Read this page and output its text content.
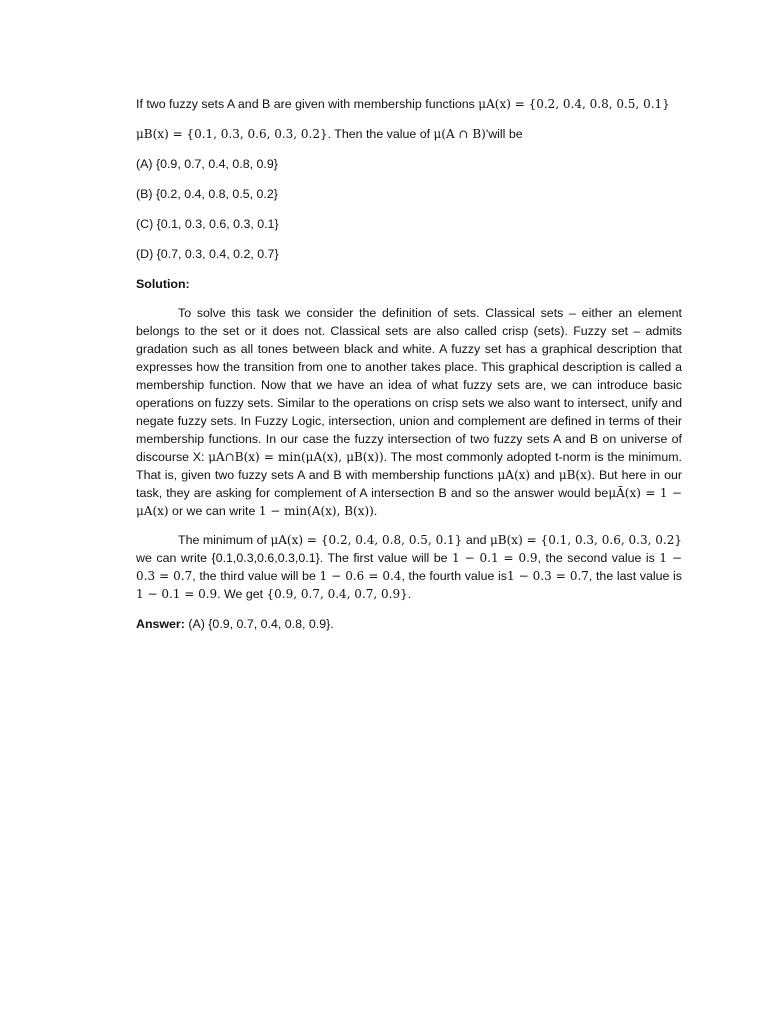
If two fuzzy sets A and B are given with membership functions μA(x) = {0.2, 0.4, 0.8, 0.5, 0.1}

μB(x) = {0.1, 0.3, 0.6, 0.3, 0.2}. Then the value of μ(A ∩ B)'will be

(A) {0.9, 0.7, 0.4, 0.8, 0.9}

(B) {0.2, 0.4, 0.8, 0.5, 0.2}

(C) {0.1, 0.3, 0.6, 0.3, 0.1}

(D) {0.7, 0.3, 0.4, 0.2, 0.7}

Solution:

To solve this task we consider the definition of sets. Classical sets – either an element belongs to the set or it does not. Classical sets are also called crisp (sets). Fuzzy set – admits gradation such as all tones between black and white. A fuzzy set has a graphical description that expresses how the transition from one to another takes place. This graphical description is called a membership function. Now that we have an idea of what fuzzy sets are, we can introduce basic operations on fuzzy sets. Similar to the operations on crisp sets we also want to intersect, unify and negate fuzzy sets. In Fuzzy Logic, intersection, union and complement are defined in terms of their membership functions. In our case the fuzzy intersection of two fuzzy sets A and B on universe of discourse X: μA∩B(x) = min(μA(x), μB(x)). The most commonly adopted t-norm is the minimum. That is, given two fuzzy sets A and B with membership functions μA(x) and μB(x). But here in our task, they are asking for complement of A intersection B and so the answer would beμĀ(x) = 1 − μA(x) or we can write 1 − min(A(x), B(x)).

The minimum of μA(x) = {0.2, 0.4, 0.8, 0.5, 0.1} and μB(x) = {0.1, 0.3, 0.6, 0.3, 0.2} we can write {0.1,0.3,0.6,0.3,0.1}. The first value will be 1 − 0.1 = 0.9, the second value is 1 − 0.3 = 0.7, the third value will be 1 − 0.6 = 0.4, the fourth value is1 − 0.3 = 0.7, the last value is 1 − 0.1 = 0.9. We get {0.9, 0.7, 0.4, 0.7, 0.9}.

Answer: (A) {0.9, 0.7, 0.4, 0.8, 0.9}.
